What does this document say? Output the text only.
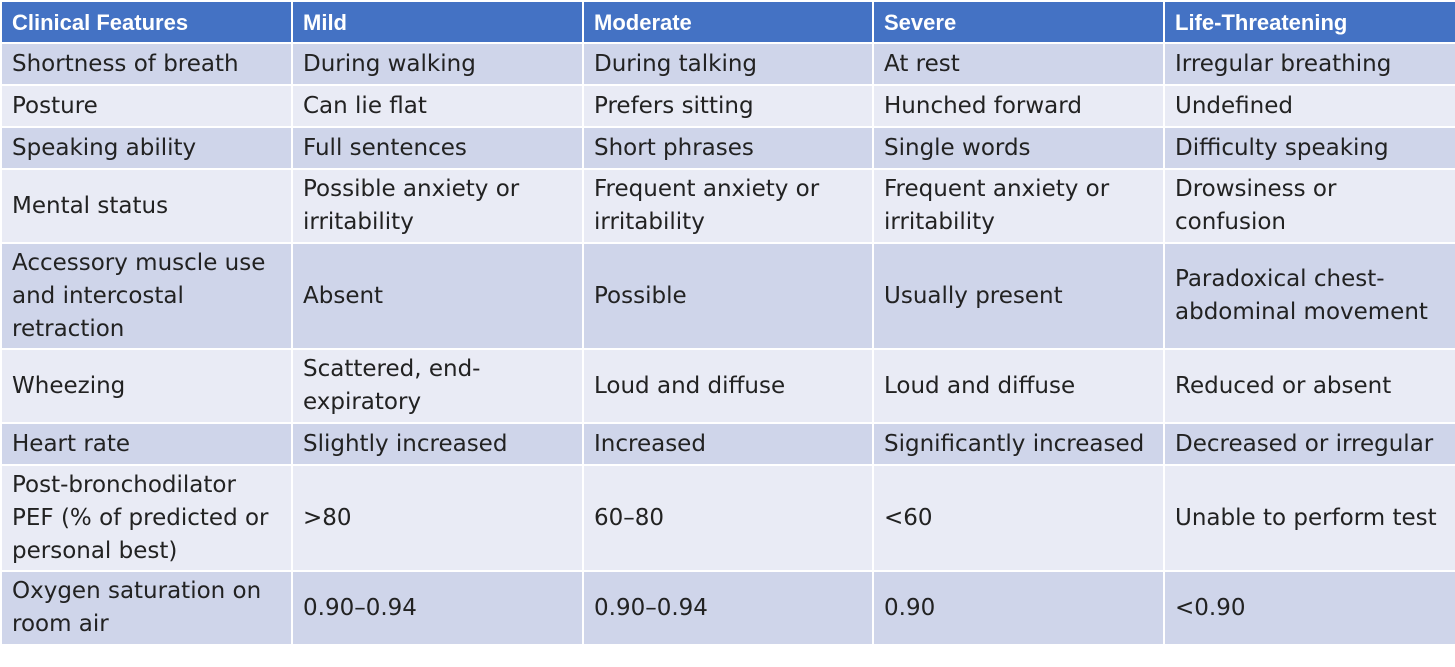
Clinical Features	Mild	Moderate	Severe	Life-Threatening
Shortness of breath	During walking	During talking	At rest	Irregular breathing
Posture	Can lie flat	Prefers sitting	Hunched forward	Undefined
Speaking ability	Full sentences	Short phrases	Single words	Difficulty speaking
Mental status	Possible anxiety or irritability	Frequent anxiety or irritability	Frequent anxiety or irritability	Drowsiness or confusion
Accessory muscle use and intercostal retraction	Absent	Possible	Usually present	Paradoxical chest-abdominal movement
Wheezing	Scattered, end-expiratory	Loud and diffuse	Loud and diffuse	Reduced or absent
Heart rate	Slightly increased	Increased	Significantly increased	Decreased or irregular
Post-bronchodilator PEF (% of predicted or personal best)	>80	60–80	<60	Unable to perform test
Oxygen saturation on room air	0.90–0.94	0.90–0.94	0.90	<0.90
